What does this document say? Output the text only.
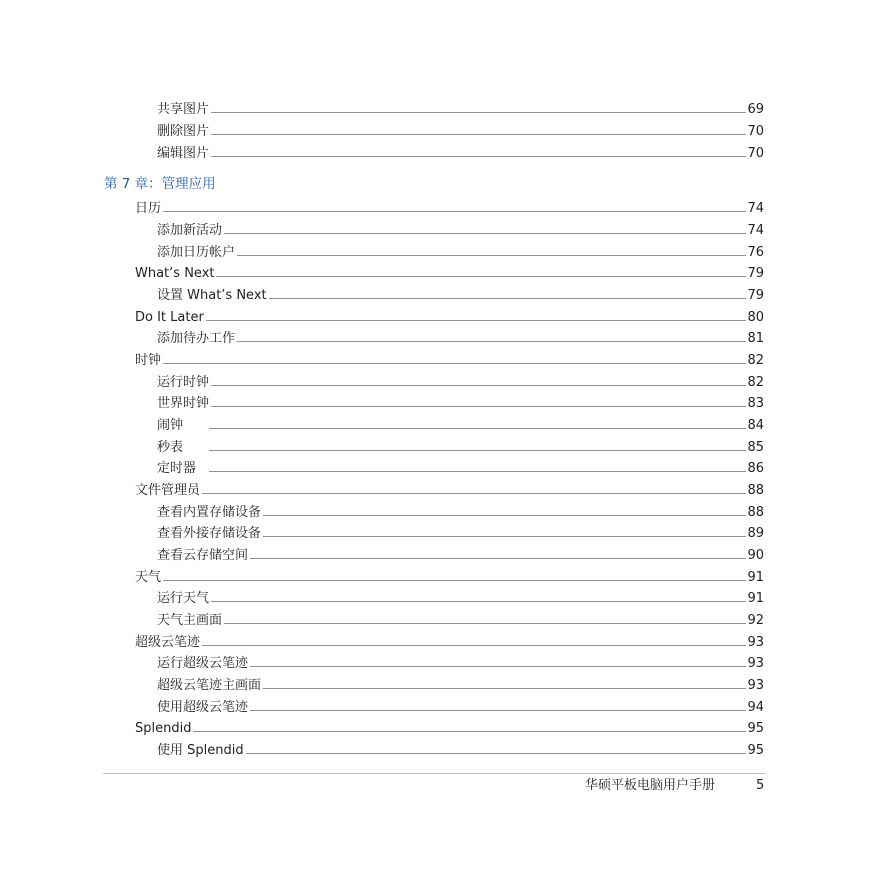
共享图片	69
删除图片	70
编辑图片	70
第 7 章：管理应用
日历	74
添加新活动	74
添加日历帐户	76
What’s Next	79
设置 What’s Next	79
Do It Later	80
添加待办工作	81
时钟	82
运行时钟	82
世界时钟	83
闹钟	84
秒表	85
定时器	86
文件管理员	88
查看内置存储设备	88
查看外接存储设备	89
查看云存储空间	90
天气	91
运行天气	91
天气主画面	92
超级云笔迹	93
运行超级云笔迹	93
超级云笔迹主画面	93
使用超级云笔迹	94
Splendid	95
使用 Splendid	95
华硕平板电脑用户手册	5
